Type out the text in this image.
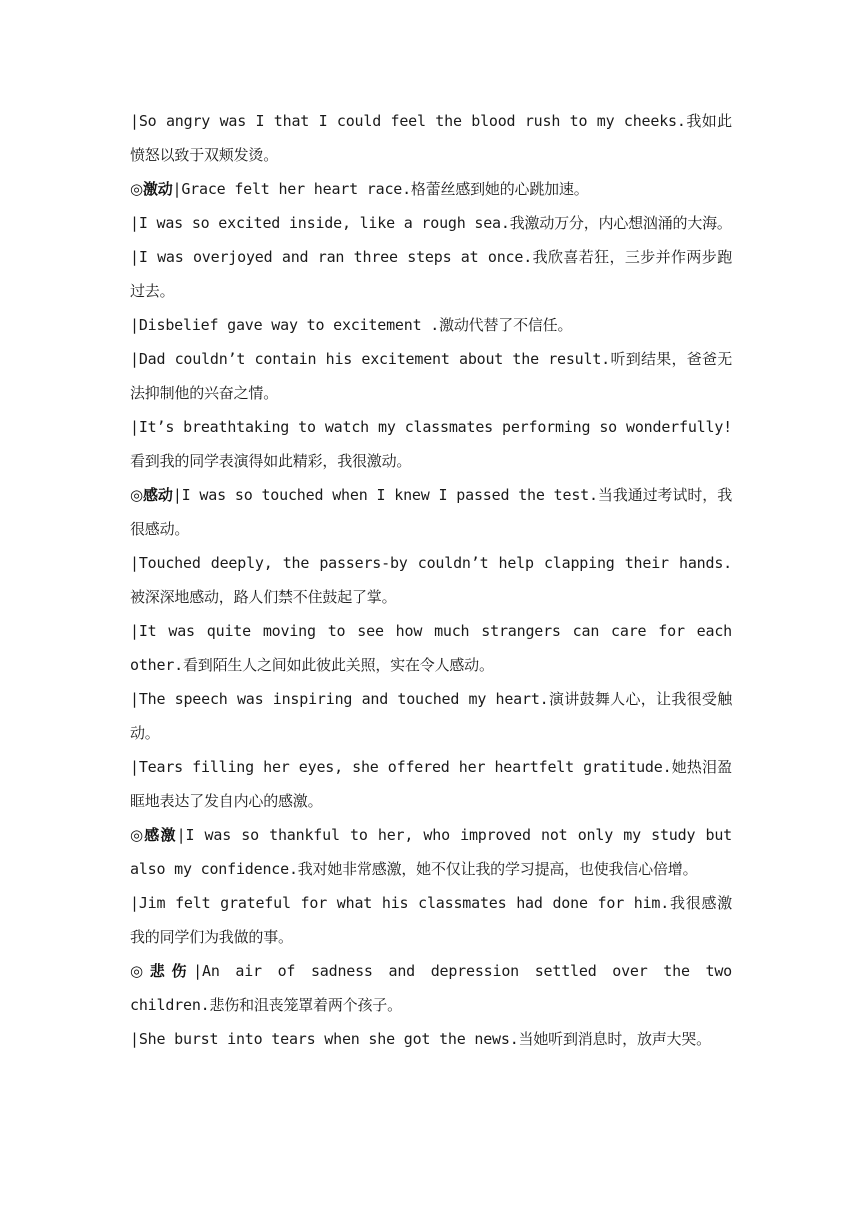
|So angry was I that I could feel the blood rush to my cheeks.我如此愤怒以致于双颊发烫。

◎激动|Grace felt her heart race.格蕾丝感到她的心跳加速。

|I was so excited inside, like a rough sea.我激动万分，内心想汹涌的大海。

|I was overjoyed and ran three steps at once.我欣喜若狂，三步并作两步跑过去。

|Disbelief gave way to excitement .激动代替了不信任。

|Dad couldn’t contain his excitement about the result.听到结果，爸爸无法抑制他的兴奋之情。

|It’s breathtaking to watch my classmates performing so wonderfully!看到我的同学表演得如此精彩，我很激动。

◎感动|I was so touched when I knew I passed the test.当我通过考试时，我很感动。

|Touched deeply, the passers-by couldn’t help clapping their hands.被深深地感动，路人们禁不住鼓起了掌。

|It was quite moving to see how much strangers can care for each other.看到陌生人之间如此彼此关照，实在令人感动。

|The speech was inspiring and touched my heart.演讲鼓舞人心，让我很受触动。

|Tears filling her eyes, she offered her heartfelt gratitude.她热泪盈眶地表达了发自内心的感激。

◎感激|I was so thankful to her, who improved not only my study but also my confidence.我对她非常感激，她不仅让我的学习提高，也使我信心倍增。

|Jim felt grateful for what his classmates had done for him.我很感激我的同学们为我做的事。

◎悲伤|An air of sadness and depression settled over the two children.悲伤和沮丧笼罩着两个孩子。

|She burst into tears when she got the news.当她听到消息时，放声大哭。
